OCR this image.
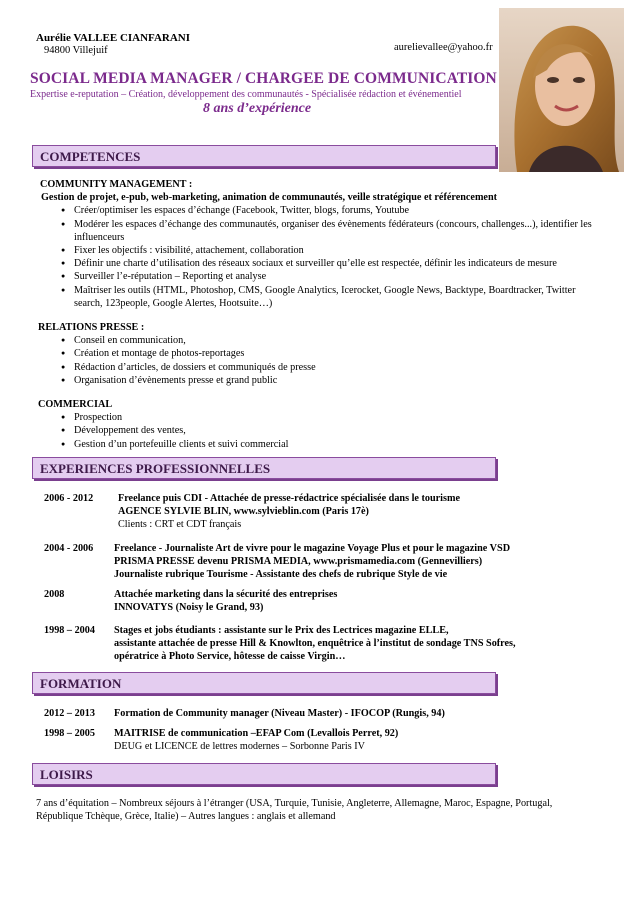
Aurélie VALLEE CIANFARANI
94800 Villejuif	aurelievallee@yahoo.fr
SOCIAL MEDIA MANAGER / CHARGEE DE COMMUNICATION
Expertise e-reputation – Création, développement des communautés - Spécialisée rédaction et événementiel
8 ans d’expérience
COMPETENCES
COMMUNITY MANAGEMENT :
Gestion de projet, e-pub, web-marketing, animation de communautés, veille stratégique et référencement
● Créer/optimiser les espaces d’échange (Facebook, Twitter, blogs, forums, Youtube
● Modérer les espaces d’échange des communautés, organiser des évènements fédérateurs (concours, challenges...), identifier les influenceurs
● Fixer les objectifs : visibilité, attachement, collaboration
● Définir une charte d’utilisation des réseaux sociaux et surveiller qu’elle est respectée, définir les indicateurs de mesure
● Surveiller l’e-réputation – Reporting et analyse
● Maîtriser les outils (HTML, Photoshop, CMS, Google Analytics, Icerocket, Google News, Backtype, Boardtracker, Twitter search, 123people, Google Alertes, Hootsuite…)
RELATIONS PRESSE :
● Conseil en communication,
● Création et montage de photos-reportages
● Rédaction d’articles, de dossiers et communiqués de presse
● Organisation d’évènements presse et grand public
COMMERCIAL
● Prospection
● Développement des ventes,
● Gestion d’un portefeuille clients et suivi commercial
EXPERIENCES PROFESSIONNELLES
2006 - 2012 Freelance puis CDI - Attachée de presse-rédactrice spécialisée dans le tourisme
AGENCE SYLVIE BLIN, www.sylvieblin.com (Paris 17è)
Clients : CRT et CDT français
2004 - 2006 Freelance - Journaliste Art de vivre pour le magazine Voyage Plus et pour le magazine VSD
PRISMA PRESSE devenu PRISMA MEDIA, www.prismamedia.com (Gennevilliers)
Journaliste rubrique Tourisme - Assistante des chefs de rubrique Style de vie
2008	Attachée marketing dans la sécurité des entreprises
INNOVATYS (Noisy le Grand, 93)
1998 – 2004 Stages et jobs étudiants : assistante sur le Prix des Lectrices magazine ELLE,
assistante attachée de presse Hill & Knowlton, enquêtrice à l’institut de sondage TNS Sofres,
opératrice à Photo Service, hôtesse de caisse Virgin…
FORMATION
2012 – 2013 Formation de Community manager (Niveau Master) - IFOCOP (Rungis, 94)
1998 – 2005 MAITRISE de communication –EFAP Com (Levallois Perret, 92)
DEUG et LICENCE de lettres modernes – Sorbonne Paris IV
LOISIRS
7 ans d’équitation – Nombreux séjours à l’étranger (USA, Turquie, Tunisie, Angleterre, Allemagne, Maroc, Espagne, Portugal, République Tchèque, Grèce, Italie) – Autres langues : anglais et allemand
